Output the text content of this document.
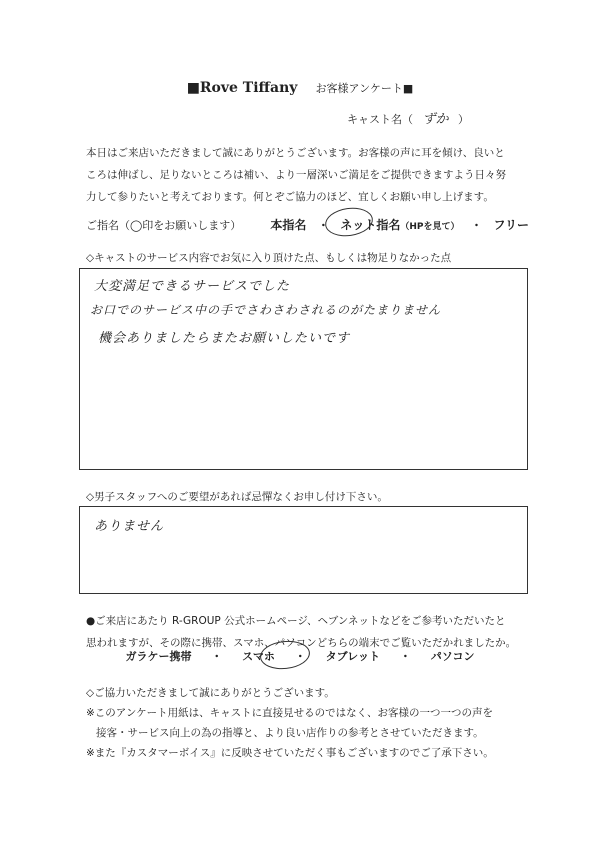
■Rove Tiffany お客様アンケート■
キャスト名（ ずか ）
本日はご来店いただきまして誠にありがとうございます。お客様の声に耳を傾け、良いと
ころは伸ばし、足りないところは補い、より一層深いご満足をご提供できますよう日々努
力して参りたいと考えております。何とぞご協力のほど、宜しくお願い申し上げます。
ご指名（◯印をお願いします） 本指名 ・ ネット指名（HPを見て） ・ フリー
◇キャストのサービス内容でお気に入り頂けた点、もしくは物足りなかった点
大変満足できるサービスでした
お口でのサービス中の手でさわさわされるのがたまりません
機会ありましたらまたお願いしたいです
◇男子スタッフへのご要望があれば忌憚なくお申し付け下さい。
ありません
●ご来店にあたり R-GROUP 公式ホームページ、ヘブンネットなどをご参考いただいたと
思われますが、その際に携帯、スマホ、パソコンどちらの端末でご覧いただかれましたか。
ガラケー携帯 ・ スマホ ・ タブレット ・ パソコン
◇ご協力いただきまして誠にありがとうございます。
※このアンケート用紙は、キャストに直接見せるのではなく、お客様の一つ一つの声を
接客・サービス向上の為の指導と、より良い店作りの参考とさせていただきます。
※また『カスタマーボイス』に反映させていただく事もございますのでご了承下さい。
